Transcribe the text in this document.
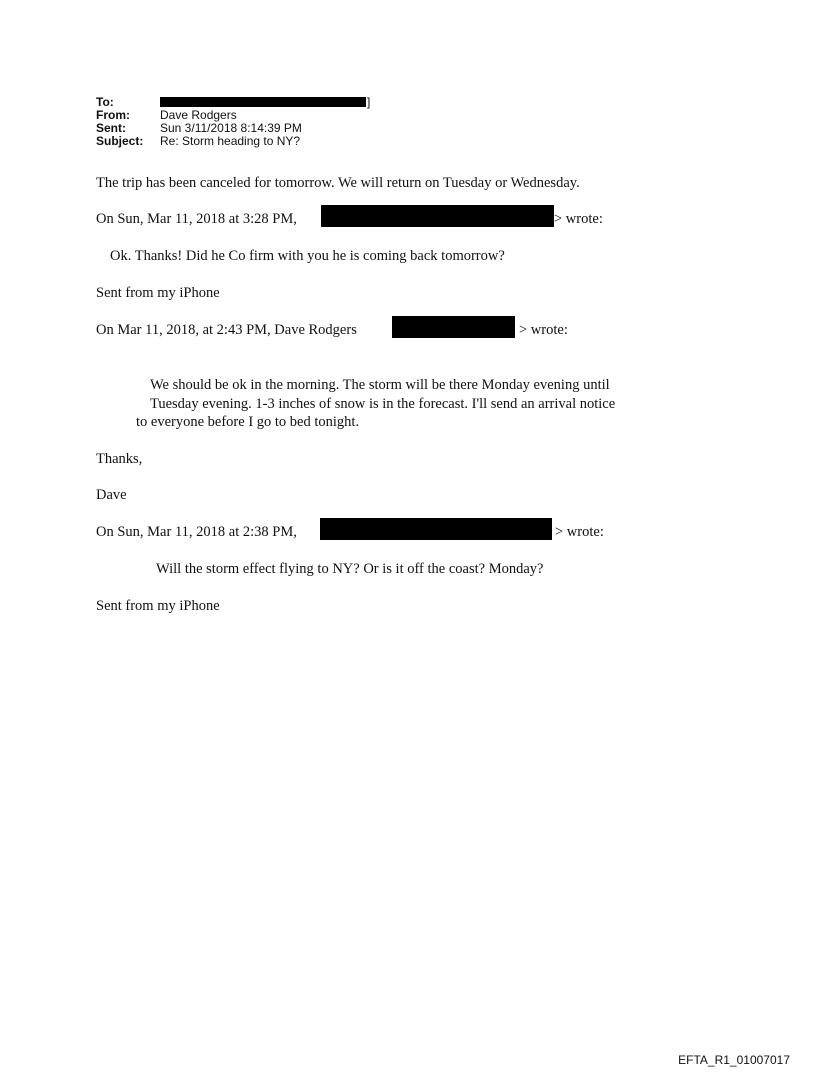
To:	]
From:	Dave Rodgers
Sent:	Sun 3/11/2018 8:14:39 PM
Subject:	Re: Storm heading to NY?
The trip has been canceled for tomorrow. We will return on Tuesday or Wednesday.
On Sun, Mar 11, 2018 at 3:28 PM,	> wrote:
Ok. Thanks! Did he Co firm with you he is coming back tomorrow?
Sent from my iPhone
On Mar 11, 2018, at 2:43 PM, Dave Rodgers	> wrote:
We should be ok in the morning. The storm will be there Monday evening until
Tuesday evening. 1-3 inches of snow is in the forecast. I'll send an arrival notice
to everyone before I go to bed tonight.
Thanks,
Dave
On Sun, Mar 11, 2018 at 2:38 PM,	> wrote:
Will the storm effect flying to NY? Or is it off the coast? Monday?
Sent from my iPhone
EFTA_R1_01007017
